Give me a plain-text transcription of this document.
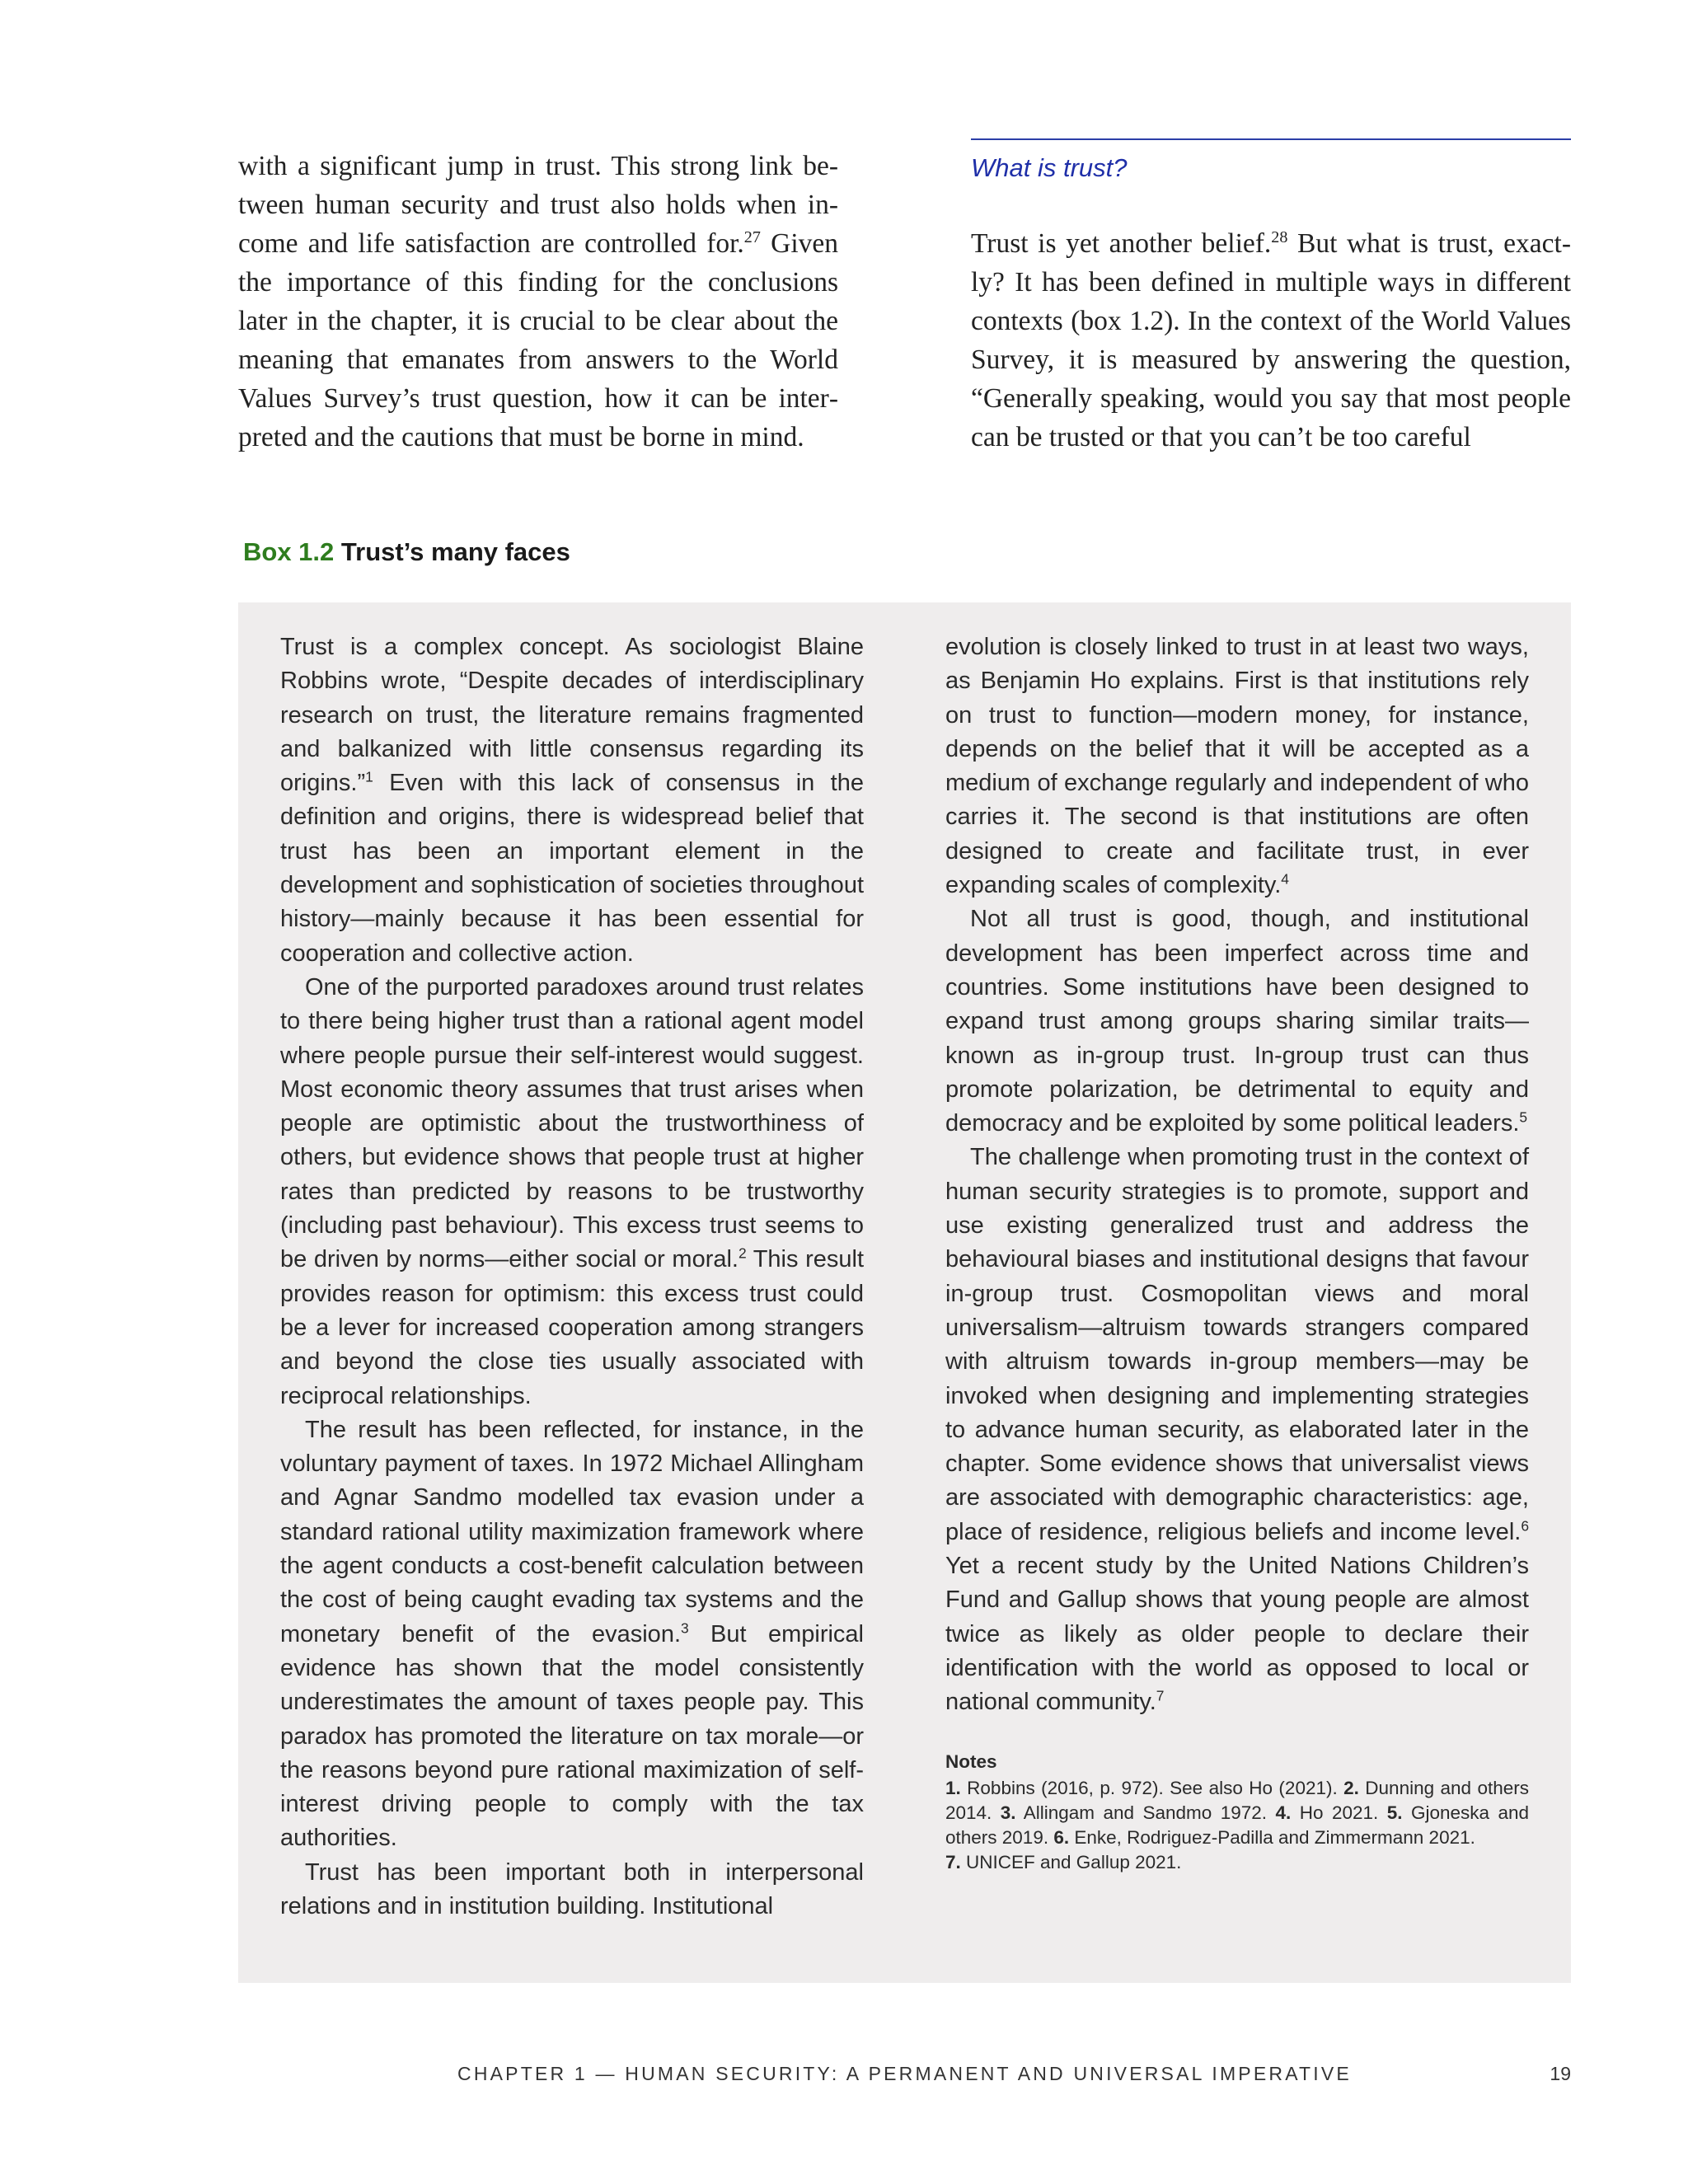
with a significant jump in trust. This strong link between human security and trust also holds when income and life satisfaction are controlled for.$^{27}$ Given the importance of this finding for the conclusions later in the chapter, it is crucial to be clear about the meaning that emanates from answers to the World Values Survey’s trust question, how it can be interpreted and the cautions that must be borne in mind.
What is trust?
Trust is yet another belief.$^{28}$ But what is trust, exactly? It has been defined in multiple ways in different contexts (box 1.2). In the context of the World Values Survey, it is measured by answering the question, “Generally speaking, would you say that most people can be trusted or that you can’t be too careful
Box 1.2 Trust’s many faces

Trust is a complex concept. As sociologist Blaine Robbins wrote, “Despite decades of interdisciplinary research on trust, the literature remains fragmented and balkanized with little consensus regarding its origins.”$^1$ Even with this lack of consensus in the definition and origins, there is widespread belief that trust has been an important element in the development and sophistication of societies throughout history—mainly because it has been essential for cooperation and collective action.

One of the purported paradoxes around trust relates to there being higher trust than a rational agent model where people pursue their self-interest would suggest. Most economic theory assumes that trust arises when people are optimistic about the trustworthiness of others, but evidence shows that people trust at higher rates than predicted by reasons to be trustworthy (including past behaviour). This excess trust seems to be driven by norms—either social or moral.$^2$ This result provides reason for optimism: this excess trust could be a lever for increased cooperation among strangers and beyond the close ties usually associated with reciprocal relationships.

The result has been reflected, for instance, in the voluntary payment of taxes. In 1972 Michael Allingham and Agnar Sandmo modelled tax evasion under a standard rational utility maximization framework where the agent conducts a cost-benefit calculation between the cost of being caught evading tax systems and the monetary benefit of the evasion.$^3$ But empirical evidence has shown that the model consistently underestimates the amount of taxes people pay. This paradox has promoted the literature on tax morale—or the reasons beyond pure rational maximization of self-interest driving people to comply with the tax authorities.

Trust has been important both in interpersonal relations and in institution building. Institutional

evolution is closely linked to trust in at least two ways, as Benjamin Ho explains. First is that institutions rely on trust to function—modern money, for instance, depends on the belief that it will be accepted as a medium of exchange regularly and independent of who carries it. The second is that institutions are often designed to create and facilitate trust, in ever expanding scales of complexity.$^4$

Not all trust is good, though, and institutional development has been imperfect across time and countries. Some institutions have been designed to expand trust among groups sharing similar traits—known as in-group trust. In-group trust can thus promote polarization, be detrimental to equity and democracy and be exploited by some political leaders.$^5$

The challenge when promoting trust in the context of human security strategies is to promote, support and use existing generalized trust and address the behavioural biases and institutional designs that favour in-group trust. Cosmopolitan views and moral universalism—altruism towards strangers compared with altruism towards in-group members—may be invoked when designing and implementing strategies to advance human security, as elaborated later in the chapter. Some evidence shows that universalist views are associated with demographic characteristics: age, place of residence, religious beliefs and income level.$^6$ Yet a recent study by the United Nations Children’s Fund and Gallup shows that young people are almost twice as likely as older people to declare their identification with the world as opposed to local or national community.$^7$

Notes
1. Robbins (2016, p. 972). See also Ho (2021). 2. Dunning and others 2014. 3. Allingam and Sandmo 1972. 4. Ho 2021. 5. Gjoneska and others 2019. 6. Enke, Rodriguez-Padilla and Zimmermann 2021.
7. UNICEF and Gallup 2021.
CHAPTER 1 — HUMAN SECURITY: A PERMANENT AND UNIVERSAL IMPERATIVE	19
